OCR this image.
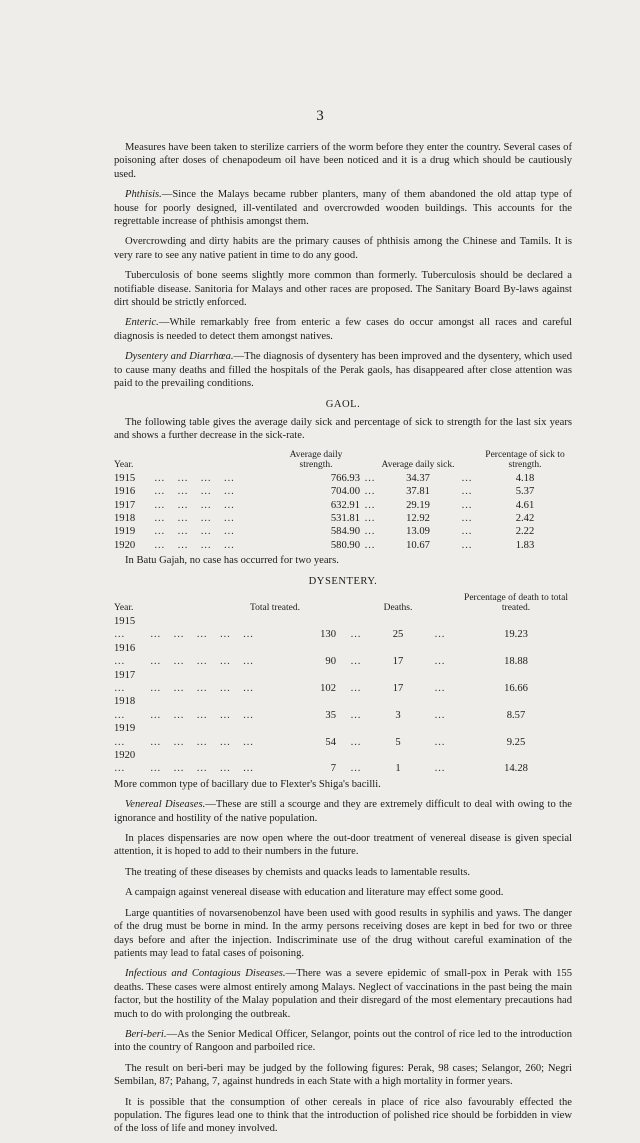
3

Measures have been taken to sterilize carriers of the worm before they enter the country. Several cases of poisoning after doses of chenapodeum oil have been noticed and it is a drug which should be cautiously used.

Phthisis.—Since the Malays became rubber planters, many of them abandoned the old attap type of house for poorly designed, ill-ventilated and overcrowded wooden buildings. This accounts for the regrettable increase of phthisis amongst them.

Overcrowding and dirty habits are the primary causes of phthisis among the Chinese and Tamils. It is very rare to see any native patient in time to do any good.

Tuberculosis of bone seems slightly more common than formerly. Tuberculosis should be declared a notifiable disease. Sanitoria for Malays and other races are proposed. The Sanitary Board By-laws against dirt should be strictly enforced.

Enteric.—While remarkably free from enteric a few cases do occur amongst all races and careful diagnosis is needed to detect them amongst natives.

Dysentery and Diarrhœa.—The diagnosis of dysentery has been improved and the dysentery, which used to cause many deaths and filled the hospitals of the Perak gaols, has disappeared after close attention was paid to the prevailing conditions.

GAOL.

The following table gives the average daily sick and percentage of sick to strength for the last six years and shows a further decrease in the sick-rate.

Year.		Average daily strength.		Average daily sick.		Percentage of sick to strength.
1915	… … … …	766.93	…	34.37	…	4.18
1916	… … … …	704.00	…	37.81	…	5.37
1917	… … … …	632.91	…	29.19	…	4.61
1918	… … … …	531.81	…	12.92	…	2.42
1919	… … … …	584.90	…	13.09	…	2.22
1920	… … … …	580.90	…	10.67	…	1.83

In Batu Gajah, no case has occurred for two years.

DYSENTERY.
Year.	Total treated.			Deaths.		Percentage of death to total treated.
1915 …	… … … … …	130	…	25	…	19.23
1916 …	… … … … …	90	…	17	…	18.88
1917 …	… … … … …	102	…	17	…	16.66
1918 …	… … … … …	35	…	3	…	8.57
1919 …	… … … … …	54	…	5	…	9.25
1920 …	… … … … …	7	…	1	…	14.28

More common type of bacillary due to Flexter's Shiga's bacilli.

Venereal Diseases.—These are still a scourge and they are extremely difficult to deal with owing to the ignorance and hostility of the native population.

In places dispensaries are now open where the out-door treatment of venereal disease is given special attention, it is hoped to add to their numbers in the future.

The treating of these diseases by chemists and quacks leads to lamentable results.

A campaign against venereal disease with education and literature may effect some good.

Large quantities of novarsenobenzol have been used with good results in syphilis and yaws. The danger of the drug must be borne in mind. In the army persons receiving doses are kept in bed for two or three days before and after the injection. Indiscriminate use of the drug without careful examination of the patients may lead to fatal cases of poisoning.

Infectious and Contagious Diseases.—There was a severe epidemic of small-pox in Perak with 155 deaths. These cases were almost entirely among Malays. Neglect of vaccinations in the past being the main factor, but the hostility of the Malay population and their disregard of the most elementary precautions had much to do with prolonging the outbreak.

Beri-beri.—As the Senior Medical Officer, Selangor, points out the control of rice led to the introduction into the country of Rangoon and parboiled rice.

The result on beri-beri may be judged by the following figures: Perak, 98 cases; Selangor, 260; Negri Sembilan, 87; Pahang, 7, against hundreds in each State with a high mortality in former years.

It is possible that the consumption of other cereals in place of rice also favourably effected the population. The figures lead one to think that the introduction of polished rice should be forbidden in view of the loss of life and money involved.
